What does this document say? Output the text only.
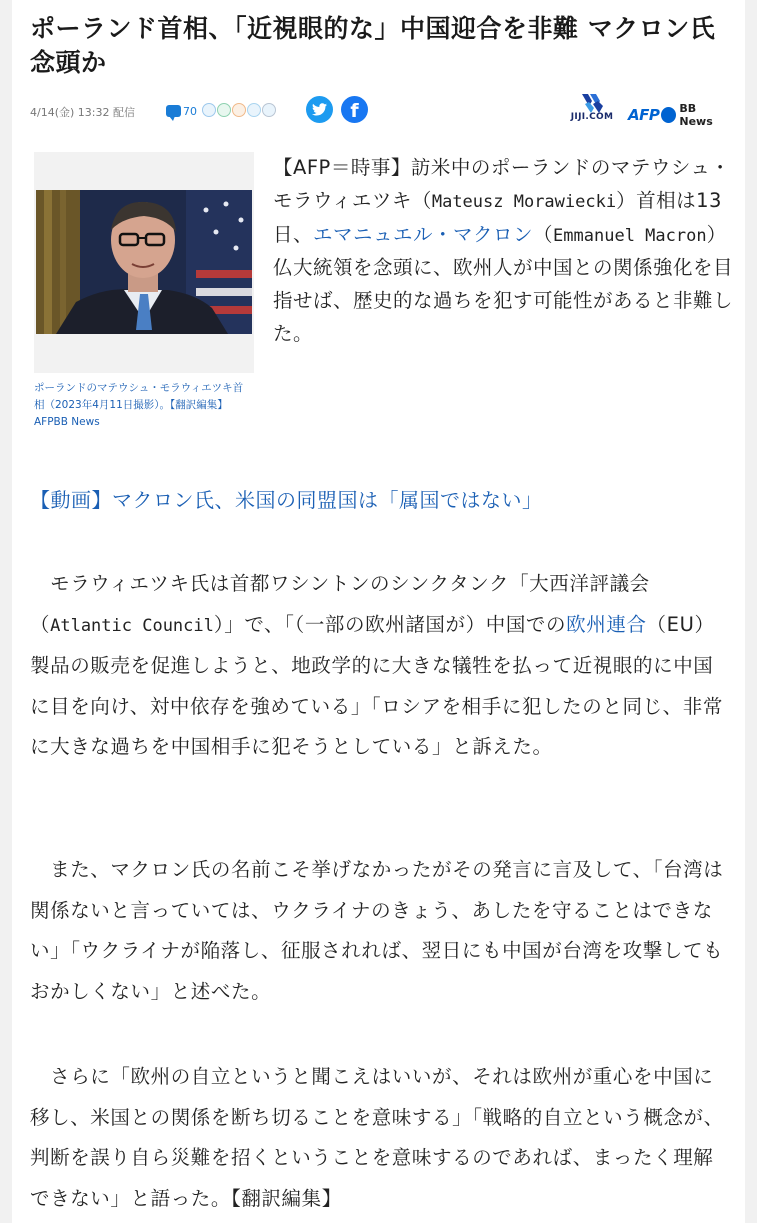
ポーランド首相、「近視眼的な」中国迎合を非難 マクロン氏念頭か
4/14(金) 13:32 配信	70	f	JIJI.COM AFP BB News
ポーランドのマテウシュ・モラウィエツキ首相（2023年4月11日撮影）。【翻訳編集】 AFPBB News

【AFP＝時事】訪米中のポーランドのマテウシュ・モラウィエツキ（Mateusz Morawiecki）首相は13日、エマニュエル・マクロン（Emmanuel Macron）仏大統領を念頭に、欧州人が中国との関係強化を目指せば、歴史的な過ちを犯す可能性があると非難した。

【動画】マクロン氏、米国の同盟国は「属国ではない」

　モラウィエツキ氏は首都ワシントンのシンクタンク「大西洋評議会（Atlantic Council）」で、「（一部の欧州諸国が）中国での欧州連合（EU）製品の販売を促進しようと、地政学的に大きな犠牲を払って近視眼的に中国に目を向け、対中依存を強めている」「ロシアを相手に犯したのと同じ、非常に大きな過ちを中国相手に犯そうとしている」と訴えた。

　また、マクロン氏の名前こそ挙げなかったがその発言に言及して、「台湾は関係ないと言っていては、ウクライナのきょう、あしたを守ることはできない」「ウクライナが陥落し、征服されれば、翌日にも中国が台湾を攻撃してもおかしくない」と述べた。

　さらに「欧州の自立というと聞こえはいいが、それは欧州が重心を中国に移し、米国との関係を断ち切ることを意味する」「戦略的自立という概念が、判断を誤り自ら災難を招くということを意味するのであれば、まったく理解できない」と語った。【翻訳編集】
